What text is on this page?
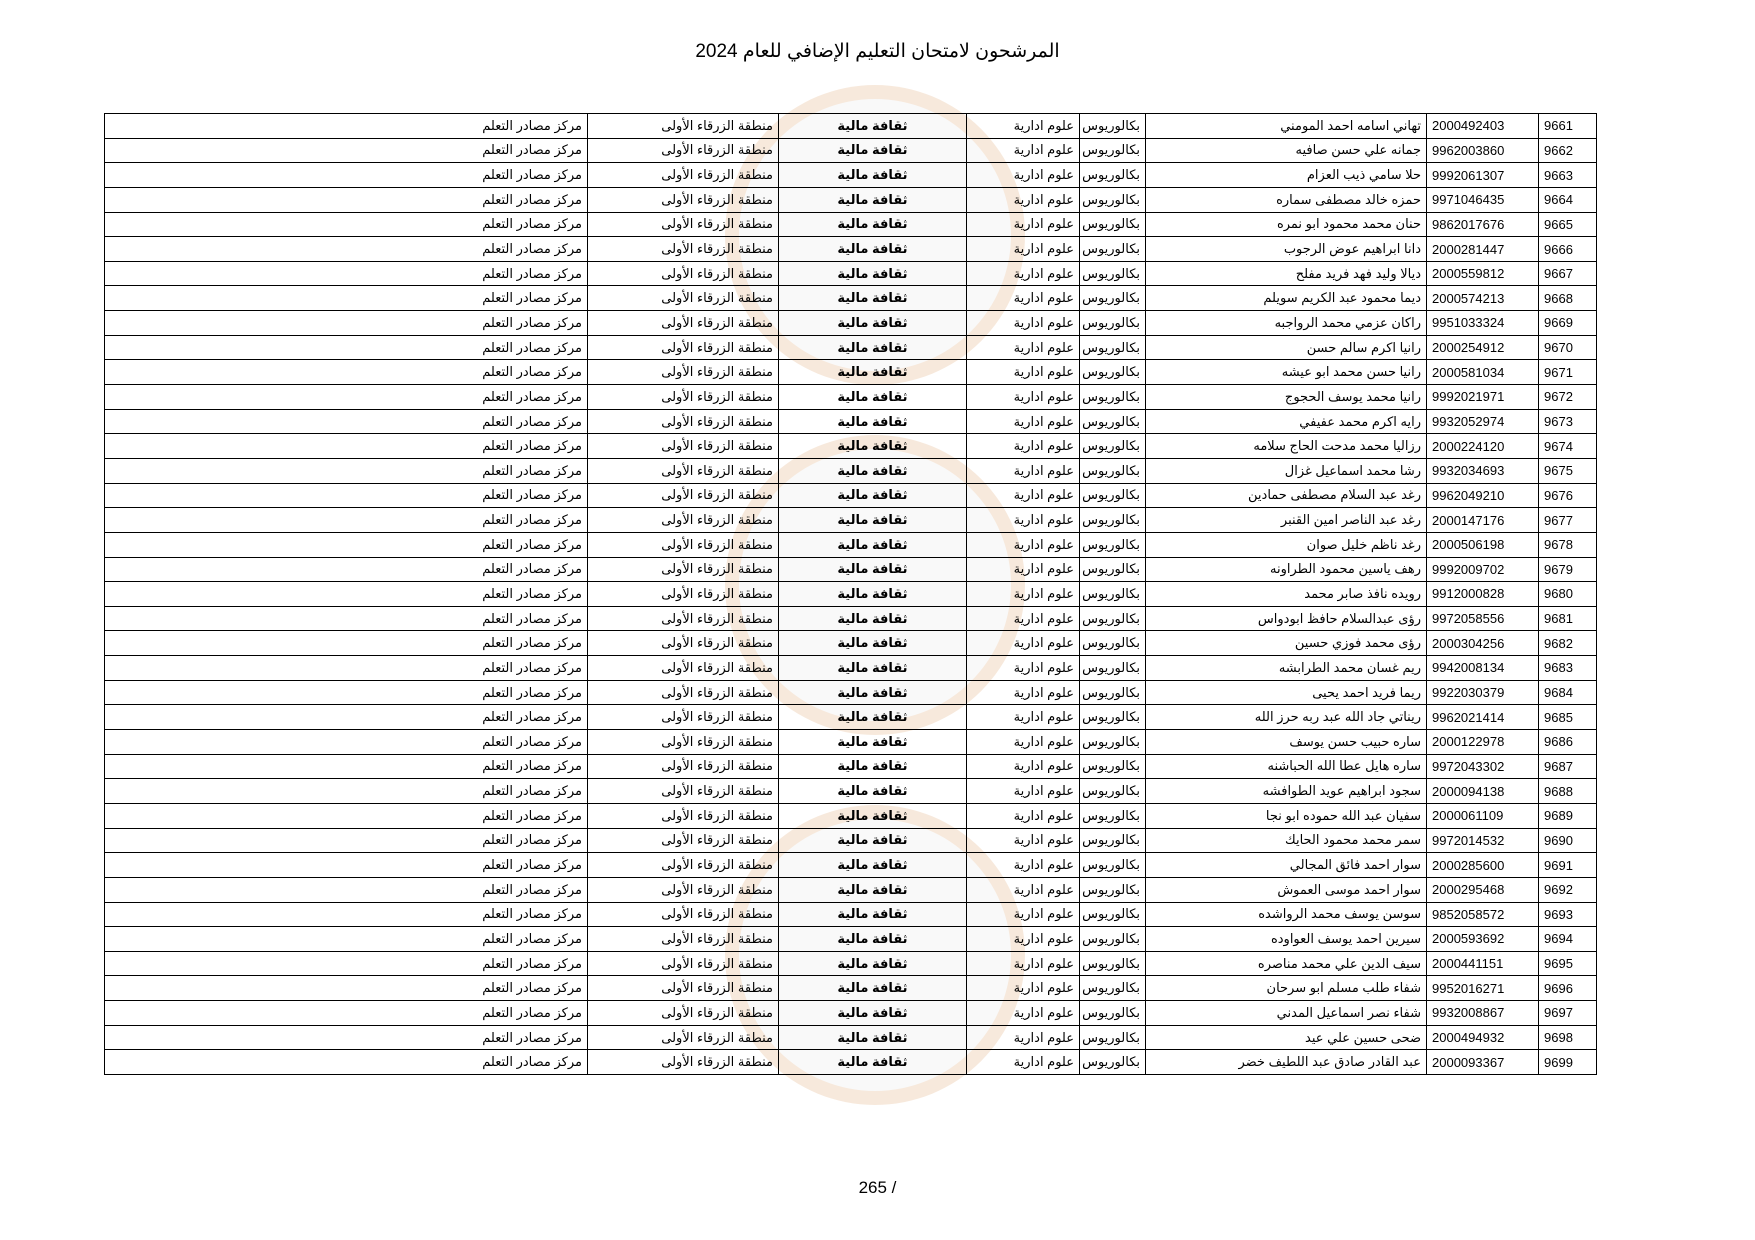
المرشحون لامتحان التعليم الإضافي للعام 2024
9661	2000492403	تهاني اسامه احمد المومني	بكالوريوس	علوم ادارية	ثقافة مالية	منطقة الزرقاء الأولى	مركز مصادر التعلم
9662	9962003860	جمانه علي حسن صافيه	بكالوريوس	علوم ادارية	ثقافة مالية	منطقة الزرقاء الأولى	مركز مصادر التعلم
9663	9992061307	حلا سامي ذيب العزام	بكالوريوس	علوم ادارية	ثقافة مالية	منطقة الزرقاء الأولى	مركز مصادر التعلم
9664	9971046435	حمزه خالد مصطفى سماره	بكالوريوس	علوم ادارية	ثقافة مالية	منطقة الزرقاء الأولى	مركز مصادر التعلم
9665	9862017676	حنان محمد محمود ابو نمره	بكالوريوس	علوم ادارية	ثقافة مالية	منطقة الزرقاء الأولى	مركز مصادر التعلم
9666	2000281447	دانا ابراهيم عوض الرجوب	بكالوريوس	علوم ادارية	ثقافة مالية	منطقة الزرقاء الأولى	مركز مصادر التعلم
9667	2000559812	ديالا وليد فهد فريد مفلح	بكالوريوس	علوم ادارية	ثقافة مالية	منطقة الزرقاء الأولى	مركز مصادر التعلم
9668	2000574213	ديما محمود عبد الكريم سويلم	بكالوريوس	علوم ادارية	ثقافة مالية	منطقة الزرقاء الأولى	مركز مصادر التعلم
9669	9951033324	راكان عزمي محمد الرواجبه	بكالوريوس	علوم ادارية	ثقافة مالية	منطقة الزرقاء الأولى	مركز مصادر التعلم
9670	2000254912	رانيا اكرم سالم حسن	بكالوريوس	علوم ادارية	ثقافة مالية	منطقة الزرقاء الأولى	مركز مصادر التعلم
9671	2000581034	رانيا حسن محمد ابو عيشه	بكالوريوس	علوم ادارية	ثقافة مالية	منطقة الزرقاء الأولى	مركز مصادر التعلم
9672	9992021971	رانيا محمد يوسف الحجوج	بكالوريوس	علوم ادارية	ثقافة مالية	منطقة الزرقاء الأولى	مركز مصادر التعلم
9673	9932052974	رايه اكرم محمد عفيفي	بكالوريوس	علوم ادارية	ثقافة مالية	منطقة الزرقاء الأولى	مركز مصادر التعلم
9674	2000224120	رزاليا محمد مدحت الحاج سلامه	بكالوريوس	علوم ادارية	ثقافة مالية	منطقة الزرقاء الأولى	مركز مصادر التعلم
9675	9932034693	رشا محمد اسماعيل غزال	بكالوريوس	علوم ادارية	ثقافة مالية	منطقة الزرقاء الأولى	مركز مصادر التعلم
9676	9962049210	رغد عبد السلام مصطفى حمادين	بكالوريوس	علوم ادارية	ثقافة مالية	منطقة الزرقاء الأولى	مركز مصادر التعلم
9677	2000147176	رغد عبد الناصر امين القنبر	بكالوريوس	علوم ادارية	ثقافة مالية	منطقة الزرقاء الأولى	مركز مصادر التعلم
9678	2000506198	رغد ناظم خليل صوان	بكالوريوس	علوم ادارية	ثقافة مالية	منطقة الزرقاء الأولى	مركز مصادر التعلم
9679	9992009702	رهف ياسين محمود الطراونه	بكالوريوس	علوم ادارية	ثقافة مالية	منطقة الزرقاء الأولى	مركز مصادر التعلم
9680	9912000828	رويده نافذ صابر محمد	بكالوريوس	علوم ادارية	ثقافة مالية	منطقة الزرقاء الأولى	مركز مصادر التعلم
9681	9972058556	رؤى عبدالسلام حافظ ابودواس	بكالوريوس	علوم ادارية	ثقافة مالية	منطقة الزرقاء الأولى	مركز مصادر التعلم
9682	2000304256	رؤى محمد فوزي حسين	بكالوريوس	علوم ادارية	ثقافة مالية	منطقة الزرقاء الأولى	مركز مصادر التعلم
9683	9942008134	ريم غسان محمد الطرابشه	بكالوريوس	علوم ادارية	ثقافة مالية	منطقة الزرقاء الأولى	مركز مصادر التعلم
9684	9922030379	ريما فريد احمد يحيى	بكالوريوس	علوم ادارية	ثقافة مالية	منطقة الزرقاء الأولى	مركز مصادر التعلم
9685	9962021414	ريناتي جاد الله عبد ربه حرز الله	بكالوريوس	علوم ادارية	ثقافة مالية	منطقة الزرقاء الأولى	مركز مصادر التعلم
9686	2000122978	ساره حبيب حسن يوسف	بكالوريوس	علوم ادارية	ثقافة مالية	منطقة الزرقاء الأولى	مركز مصادر التعلم
9687	9972043302	ساره هايل عطا الله الحباشنه	بكالوريوس	علوم ادارية	ثقافة مالية	منطقة الزرقاء الأولى	مركز مصادر التعلم
9688	2000094138	سجود ابراهيم عويد الطوافشه	بكالوريوس	علوم ادارية	ثقافة مالية	منطقة الزرقاء الأولى	مركز مصادر التعلم
9689	2000061109	سفيان عبد الله حموده ابو نجا	بكالوريوس	علوم ادارية	ثقافة مالية	منطقة الزرقاء الأولى	مركز مصادر التعلم
9690	9972014532	سمر محمد محمود الحايك	بكالوريوس	علوم ادارية	ثقافة مالية	منطقة الزرقاء الأولى	مركز مصادر التعلم
9691	2000285600	سوار احمد فائق المجالي	بكالوريوس	علوم ادارية	ثقافة مالية	منطقة الزرقاء الأولى	مركز مصادر التعلم
9692	2000295468	سوار احمد موسى العموش	بكالوريوس	علوم ادارية	ثقافة مالية	منطقة الزرقاء الأولى	مركز مصادر التعلم
9693	9852058572	سوسن يوسف محمد الرواشده	بكالوريوس	علوم ادارية	ثقافة مالية	منطقة الزرقاء الأولى	مركز مصادر التعلم
9694	2000593692	سيرين احمد يوسف العواوده	بكالوريوس	علوم ادارية	ثقافة مالية	منطقة الزرقاء الأولى	مركز مصادر التعلم
9695	2000441151	سيف الدين علي محمد مناصره	بكالوريوس	علوم ادارية	ثقافة مالية	منطقة الزرقاء الأولى	مركز مصادر التعلم
9696	9952016271	شفاء طلب مسلم ابو سرحان	بكالوريوس	علوم ادارية	ثقافة مالية	منطقة الزرقاء الأولى	مركز مصادر التعلم
9697	9932008867	شفاء نصر اسماعيل المدني	بكالوريوس	علوم ادارية	ثقافة مالية	منطقة الزرقاء الأولى	مركز مصادر التعلم
9698	2000494932	ضحى حسين علي عيد	بكالوريوس	علوم ادارية	ثقافة مالية	منطقة الزرقاء الأولى	مركز مصادر التعلم
9699	2000093367	عبد القادر صادق عبد اللطيف خضر	بكالوريوس	علوم ادارية	ثقافة مالية	منطقة الزرقاء الأولى	مركز مصادر التعلم
265 /
